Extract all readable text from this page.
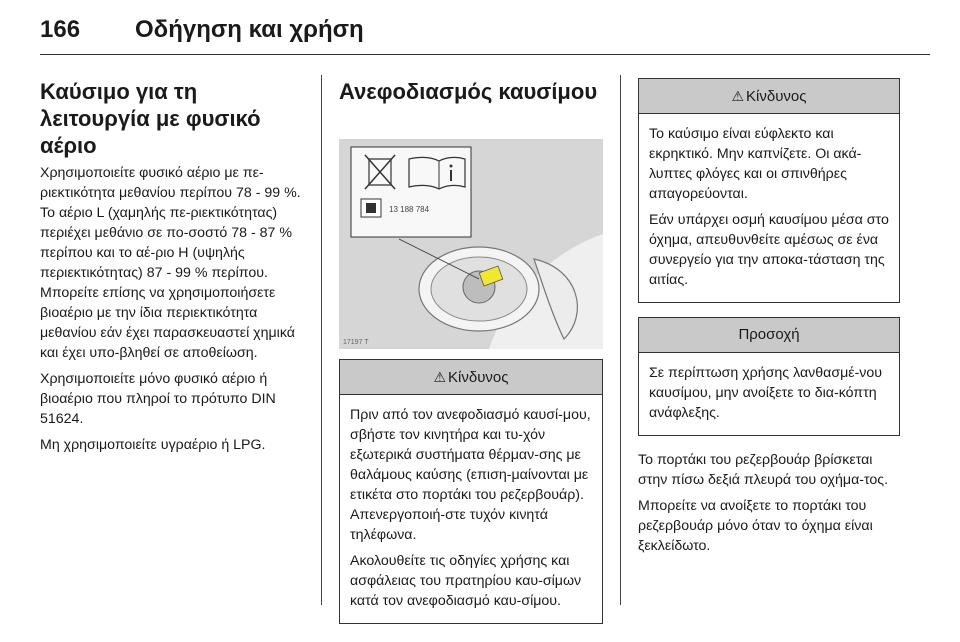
166 Οδήγηση και χρήση
Καύσιμο για τη λειτουργία με φυσικό αέριο

Χρησιμοποιείτε φυσικό αέριο με πε-ριεκτικότητα μεθανίου περίπου 78 - 99 %. Το αέριο L (χαμηλής πε-ριεκτικότητας) περιέχει μεθάνιο σε πο-σοστό 78 - 87 % περίπου και το αέ-ριο H (υψηλής περιεκτικότητας) 87 - 99 % περίπου. Μπορείτε επίσης να χρησιμοποιήσετε βιοαέριο με την ίδια περιεκτικότητα μεθανίου εάν έχει παρασκευαστεί χημικά και έχει υπο-βληθεί σε αποθείωση.

Χρησιμοποιείτε μόνο φυσικό αέριο ή βιοαέριο που πληροί το πρότυπο DIN 51624.

Μη χρησιμοποιείτε υγραέριο ή LPG.

Ανεφοδιασμός καυσίμου
13 188 784
17197 T
⚠ Κίνδυνος

Πριν από τον ανεφοδιασμό καυσί-μου, σβήστε τον κινητήρα και τυ-χόν εξωτερικά συστήματα θέρμαν-σης με θαλάμους καύσης (επιση-μαίνονται με ετικέτα στο πορτάκι του ρεζερβουάρ). Απενεργοποιή-στε τυχόν κινητά τηλέφωνα.

Ακολουθείτε τις οδηγίες χρήσης και ασφάλειας του πρατηρίου καυ-σίμων κατά τον ανεφοδιασμό καυ-σίμου.

⚠ Κίνδυνος

Το καύσιμο είναι εύφλεκτο και εκρηκτικό. Μην καπνίζετε. Οι ακά-λυπτες φλόγες και οι σπινθήρες απαγορεύονται.

Εάν υπάρχει οσμή καυσίμου μέσα στο όχημα, απευθυνθείτε αμέσως σε ένα συνεργείο για την αποκα-τάσταση της αιτίας.

Προσοχή

Σε περίπτωση χρήσης λανθασμέ-νου καυσίμου, μην ανοίξετε το δια-κόπτη ανάφλεξης.

Το πορτάκι του ρεζερβουάρ βρίσκεται στην πίσω δεξιά πλευρά του οχήμα-τος.

Μπορείτε να ανοίξετε το πορτάκι του ρεζερβουάρ μόνο όταν το όχημα είναι ξεκλείδωτο.
